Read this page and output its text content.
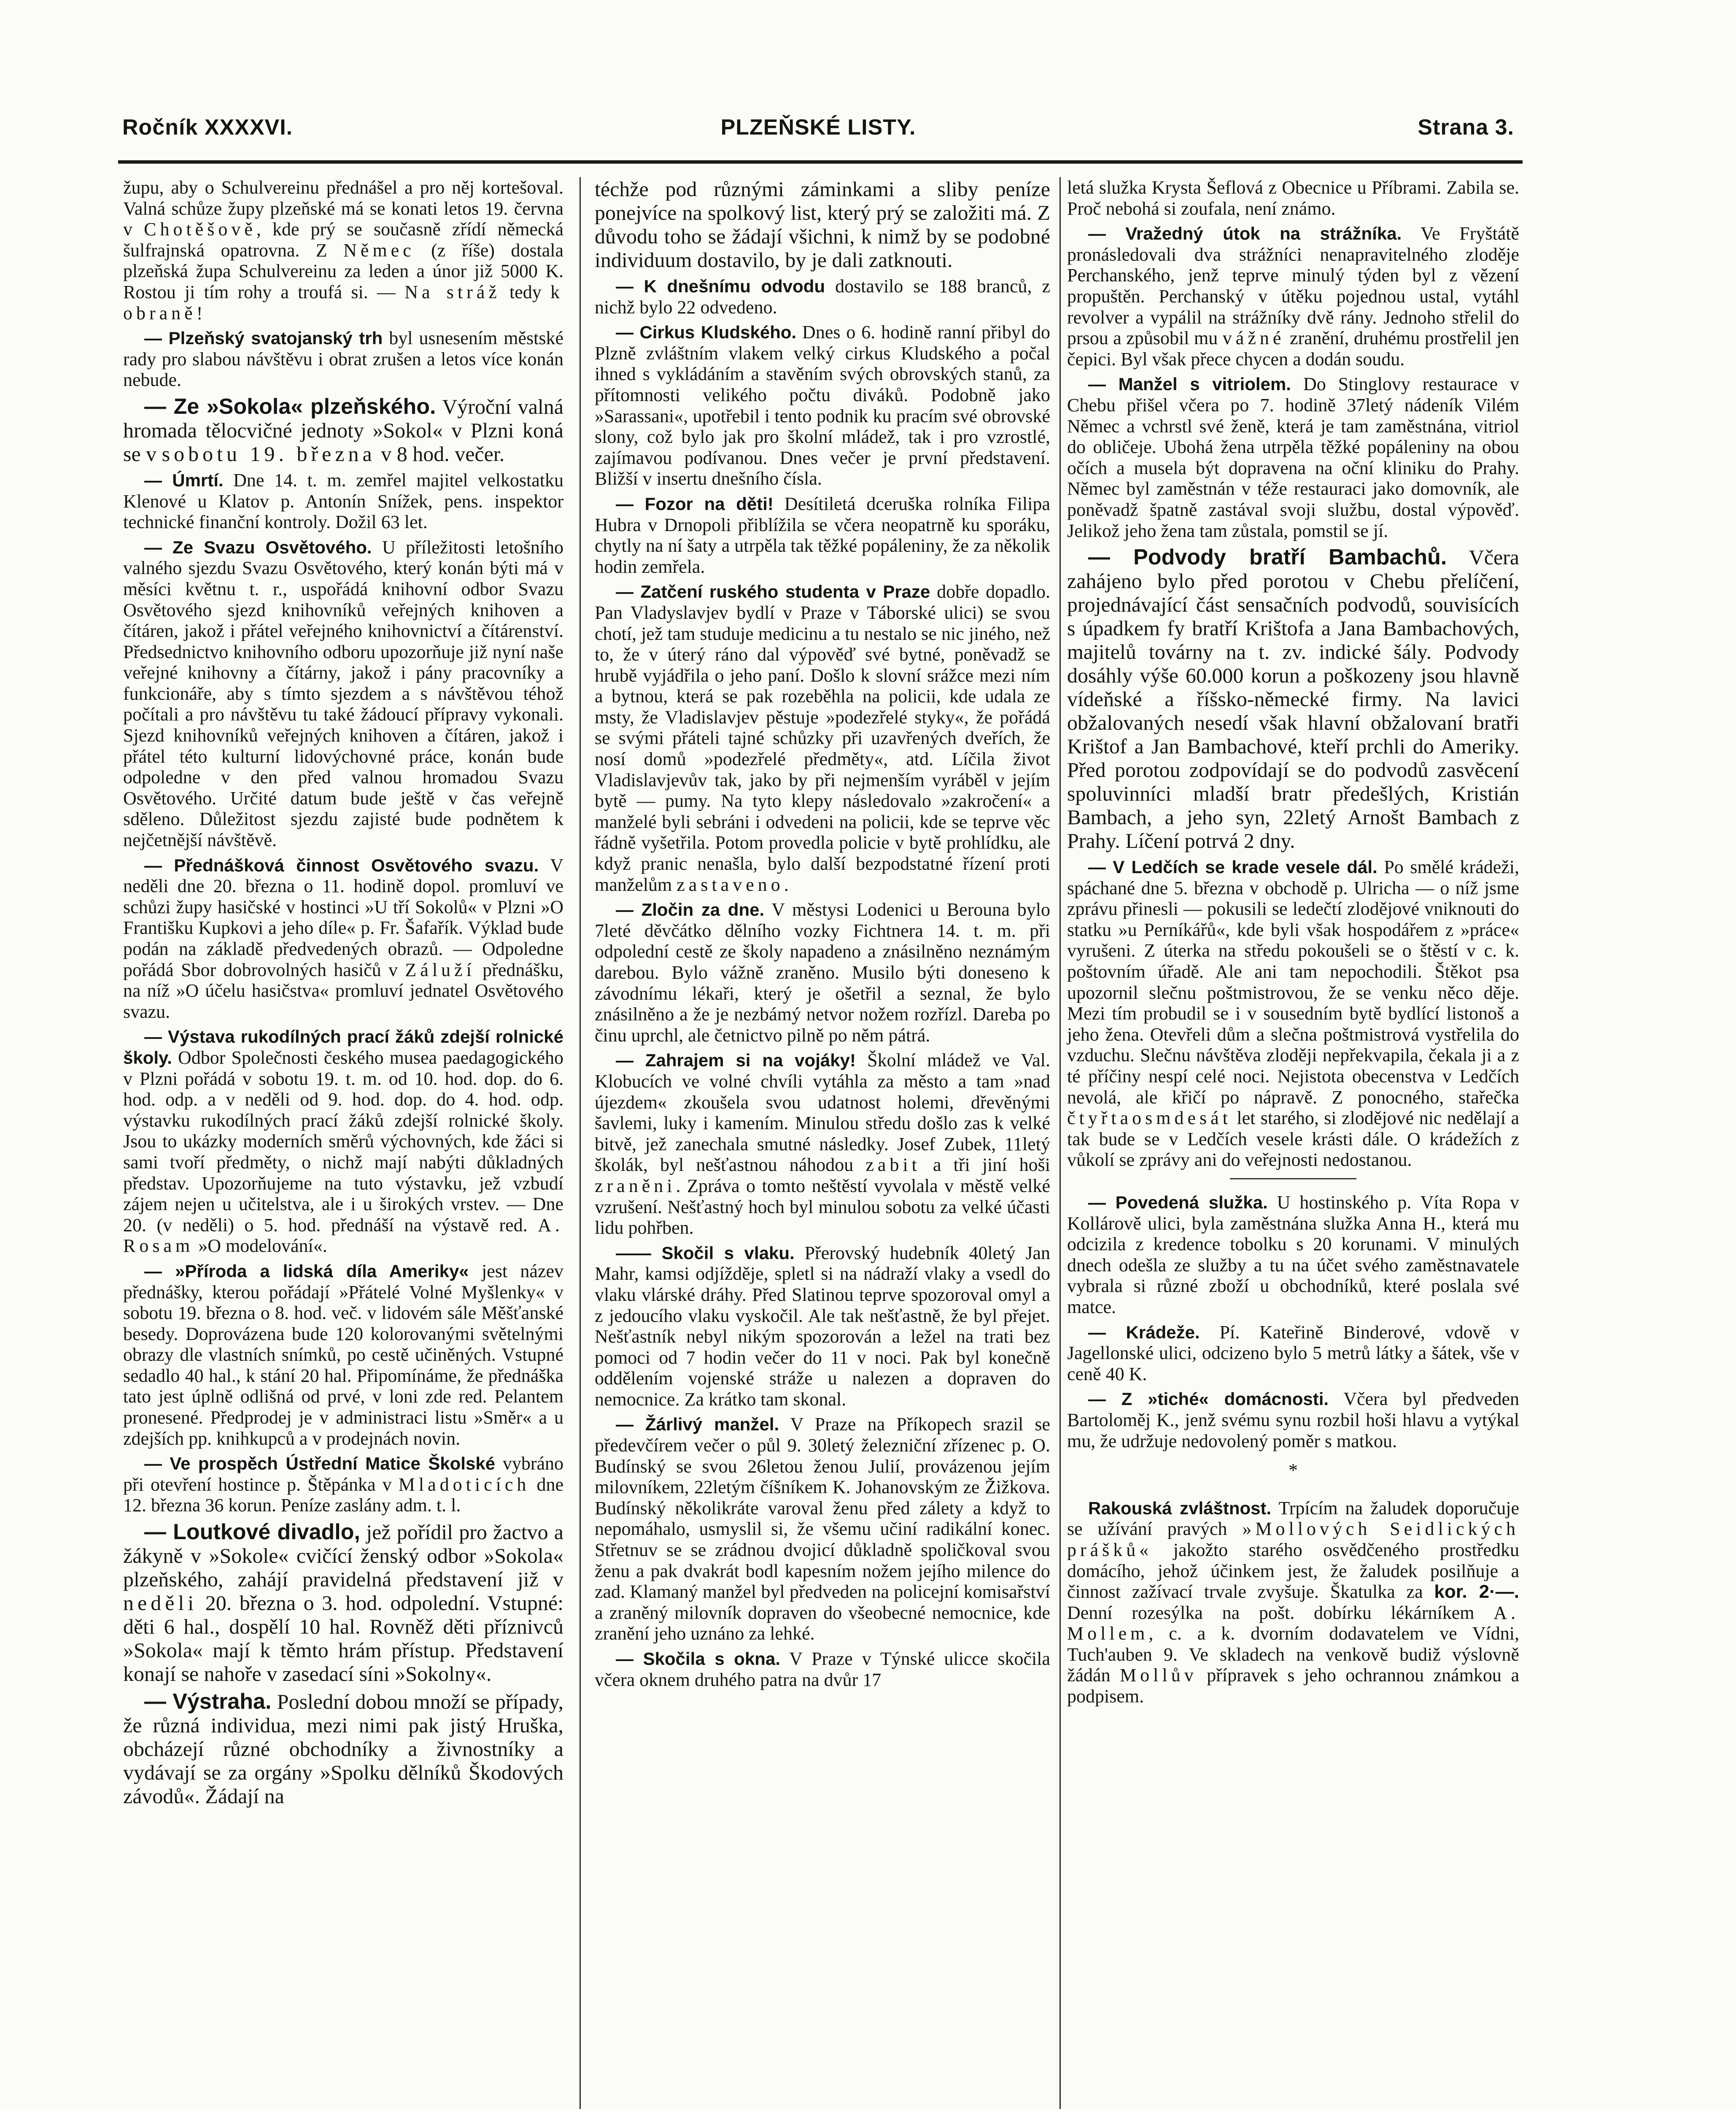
Ročník XXXXVI.	PLZEŇSKÉ LISTY.	Strana 3.

župu, aby o Schulvereinu přednášel a pro něj kortešoval. Valná schůze župy plzeňské má se konati letos 19. června v Chotěšově, kde prý se současně zřídí německá šulfrajnská opatrovna. Z Němec (z říše) dostala plzeňská župa Schulvereinu za leden a únor již 5000 K. Rostou ji tím rohy a troufá si. — Na stráž tedy k obraně!

— Plzeňský svatojanský trh byl usnesením městské rady pro slabou návštěvu i obrat zrušen a letos více konán nebude.

— Ze »Sokola« plzeňského. Výroční valná hromada tělocvičné jednoty »Sokol« v Plzni koná se v sobotu 19. března v 8 hod. večer.

— Úmrtí. Dne 14. t. m. zemřel majitel velkostatku Klenové u Klatov p. Antonín Snížek, pens. inspektor technické finanční kontroly. Dožil 63 let.

— Ze Svazu Osvětového. U příležitosti letošního valného sjezdu Svazu Osvětového, který konán býti má v měsíci květnu t. r., uspořádá knihovní odbor Svazu Osvětového sjezd knihovníků veřejných knihoven a čítáren, jakož i přátel veřejného knihovnictví a čítárenství. Předsednictvo knihovního odboru upozorňuje již nyní naše veřejné knihovny a čítárny, jakož i pány pracovníky a funkcionáře, aby s tímto sjezdem a s návštěvou téhož počítali a pro návštěvu tu také žádoucí přípravy vykonali. Sjezd knihovníků veřejných knihoven a čítáren, jakož i přátel této kulturní lidovýchovné práce, konán bude odpoledne v den před valnou hromadou Svazu Osvětového. Určité datum bude ještě v čas veřejně sděleno. Důležitost sjezdu zajisté bude podnětem k nejčetnější návštěvě.

— Přednášková činnost Osvětového svazu. V neděli dne 20. března o 11. hodině dopol. promluví ve schůzi župy hasičské v hostinci »U tří Sokolů« v Plzni »O Františku Kupkovi a jeho díle« p. Fr. Šafařík. Výklad bude podán na základě předvedených obrazů. — Odpoledne pořádá Sbor dobrovolných hasičů v Záluží přednášku, na níž »O účelu hasičstva« promluví jednatel Osvětového svazu.

— Výstava rukodílných prací žáků zdejší rolnické školy. Odbor Společnosti českého musea paedagogického v Plzni pořádá v sobotu 19. t. m. od 10. hod. dop. do 6. hod. odp. a v neděli od 9. hod. dop. do 4. hod. odp. výstavku rukodílných prací žáků zdejší rolnické školy. Jsou to ukázky moderních směrů výchovných, kde žáci si sami tvoří předměty, o nichž mají nabýti důkladných představ. Upozorňujeme na tuto výstavku, jež vzbudí zájem nejen u učitelstva, ale i u širokých vrstev. — Dne 20. (v neděli) o 5. hod. přednáší na výstavě red. A. Rosam »O modelování«.

— »Příroda a lidská díla Ameriky« jest název přednášky, kterou pořádají »Přátelé Volné Myšlenky« v sobotu 19. března o 8. hod. več. v lidovém sále Měšťanské besedy. Doprovázena bude 120 kolorovanými světelnými obrazy dle vlastních snímků, po cestě učiněných. Vstupné sedadlo 40 hal., k stání 20 hal. Připomínáme, že přednáška tato jest úplně odlišná od prvé, v loni zde red. Pelantem pronesené. Předprodej je v administraci listu »Směr« a u zdejších pp. knihkupců a v prodejnách novin.

— Ve prospěch Ústřední Matice Školské vybráno při otevření hostince p. Štěpánka v Mladoticích dne 12. března 36 korun. Peníze zaslány adm. t. l.

— Loutkové divadlo, jež pořídil pro žactvo a žákyně v »Sokole« cvičící ženský odbor »Sokola« plzeňského, zahájí pravidelná představení již v neděli 20. března o 3. hod. odpolední. Vstupné: děti 6 hal., dospělí 10 hal. Rovněž děti příznivců »Sokola« mají k těmto hrám přístup. Představení konají se nahoře v zasedací síni »Sokolny«.

— Výstraha. Poslední dobou množí se případy, že různá individua, mezi nimi pak jistý Hruška, obcházejí různé obchodníky a živnostníky a vydávají se za orgány »Spolku dělníků Škodových závodů«. Žádají na

téchže pod různými záminkami a sliby peníze ponejvíce na spolkový list, který prý se založiti má. Z důvodu toho se žádají všichni, k nimž by se podobné individuum dostavilo, by je dali zatknouti.

— K dnešnímu odvodu dostavilo se 188 branců, z nichž bylo 22 odvedeno.

— Cirkus Kludského. Dnes o 6. hodině ranní přibyl do Plzně zvláštním vlakem velký cirkus Kludského a počal ihned s vykládáním a stavěním svých obrovských stanů, za přítomnosti velikého počtu diváků. Podobně jako »Sarassani«, upotřebil i tento podnik ku pracím své obrovské slony, což bylo jak pro školní mládež, tak i pro vzrostlé, zajímavou podívanou. Dnes večer je první představení. Bližší v insertu dnešního čísla.

— Fozor na děti! Desítiletá dceruška rolníka Filipa Hubra v Drnopoli přiblížila se včera neopatrně ku sporáku, chytly na ní šaty a utrpěla tak těžké popáleniny, že za několik hodin zemřela.

— Zatčení ruského studenta v Praze dobře dopadlo. Pan Vladyslavjev bydlí v Praze v Táborské ulici) se svou chotí, jež tam studuje medicinu a tu nestalo se nic jiného, než to, že v úterý ráno dal výpověď své bytné, poněvadž se hrubě vyjádřila o jeho paní. Došlo k slovní srážce mezi ním a bytnou, která se pak rozeběhla na policii, kde udala ze msty, že Vladislavjev pěstuje »podezřelé styky«, že pořádá se svými přáteli tajné schůzky při uzavřených dveřích, že nosí domů »podezřelé předměty«, atd. Líčila život Vladislavjevův tak, jako by při nejmenším vyráběl v jejím bytě — pumy. Na tyto klepy následovalo »zakročení« a manželé byli sebráni i odvedeni na policii, kde se teprve věc řádně vyšetřila. Potom provedla policie v bytě prohlídku, ale když pranic nenašla, bylo další bezpodstatné řízení proti manželům zastaveno.

— Zločin za dne. V městysi Lodenici u Berouna bylo 7leté děvčátko dělního vozky Fichtnera 14. t. m. při odpolední cestě ze školy napadeno a znásilněno neznámým darebou. Bylo vážně zraněno. Musilo býti doneseno k závodnímu lékaři, který je ošetřil a seznal, že bylo znásilněno a že je nezbámý netvor nožem rozřízl. Dareba po činu uprchl, ale četnictvo pilně po něm pátrá.

— Zahrajem si na vojáky! Školní mládež ve Val. Klobucích ve volné chvíli vytáhla za město a tam »nad újezdem« zkoušela svou udatnost holemi, dřevěnými šavlemi, luky i kamením. Minulou středu došlo zas k velké bitvě, jež zanechala smutné následky. Josef Zubek, 11letý školák, byl nešťastnou náhodou zabit a tři jiní hoši zraněni. Zpráva o tomto neštěstí vyvolala v městě velké vzrušení. Nešťastný hoch byl minulou sobotu za velké účasti lidu pohřben.

—— Skočil s vlaku. Přerovský hudebník 40letý Jan Mahr, kamsi odjížděje, spletl si na nádraží vlaky a vsedl do vlaku vlárské dráhy. Před Slatinou teprve spozoroval omyl a z jedoucího vlaku vyskočil. Ale tak nešťastně, že byl přejet. Nešťastník nebyl nikým spozorován a ležel na trati bez pomoci od 7 hodin večer do 11 v noci. Pak byl konečně oddělením vojenské stráže u nalezen a dopraven do nemocnice. Za krátko tam skonal.

— Žárlivý manžel. V Praze na Příkopech srazil se předevčírem večer o půl 9. 30letý železniční zřízenec p. O. Budínský se svou 26letou ženou Julií, provázenou jejím milovníkem, 22letým číšníkem K. Johanovským ze Žižkova. Budínský několikráte varoval ženu před zálety a když to nepomáhalo, usmyslil si, že všemu učiní radikální konec. Střetnuv se se zrádnou dvojicí důkladně spoličkoval svou ženu a pak dvakrát bodl kapesním nožem jejího milence do zad. Klamaný manžel byl předveden na policejní komisařství a zraněný milovník dopraven do všeobecné nemocnice, kde zranění jeho uznáno za lehké.

— Skočila s okna. V Praze v Týnské ulicce skočila včera oknem druhého patra na dvůr 17

letá služka Krysta Šeflová z Obecnice u Příbrami. Zabila se. Proč nebohá si zoufala, není známo.

— Vražedný útok na strážníka. Ve Fryštátě pronásledovali dva strážníci nenapravitelného zloděje Perchanského, jenž teprve minulý týden byl z vězení propuštěn. Perchanský v útěku pojednou ustal, vytáhl revolver a vypálil na strážníky dvě rány. Jednoho střelil do prsou a způsobil mu vážné zranění, druhému prostřelil jen čepici. Byl však přece chycen a dodán soudu.

— Manžel s vitriolem. Do Stinglovy restaurace v Chebu přišel včera po 7. hodině 37letý nádeník Vilém Němec a vchrstl své ženě, která je tam zaměstnána, vitriol do obličeje. Ubohá žena utrpěla těžké popáleniny na obou očích a musela být dopravena na oční kliniku do Prahy. Němec byl zaměstnán v téže restauraci jako domovník, ale poněvadž špatně zastával svoji službu, dostal výpověď. Jelikož jeho žena tam zůstala, pomstil se jí.

— Podvody bratří Bambachů. Včera zahájeno bylo před porotou v Chebu přelíčení, projednávající část sensačních podvodů, souvisících s úpadkem fy bratří Krištofa a Jana Bambachových, majitelů továrny na t. zv. indické šály. Podvody dosáhly výše 60.000 korun a poškozeny jsou hlavně vídeňské a říšsko-německé firmy. Na lavici obžalovaných nesedí však hlavní obžalovaní bratři Krištof a Jan Bambachové, kteří prchli do Ameriky. Před porotou zodpovídají se do podvodů zasvěcení spoluvinníci mladší bratr předešlých, Kristián Bambach, a jeho syn, 22letý Arnošt Bambach z Prahy. Líčení potrvá 2 dny.

— V Ledčích se krade vesele dál. Po smělé krádeži, spáchané dne 5. března v obchodě p. Ulricha — o níž jsme zprávu přinesli — pokusili se ledečtí zlodějové vniknouti do statku »u Perníkářů«, kde byli však hospodářem z »práce« vyrušeni. Z úterka na středu pokoušeli se o štěstí v c. k. poštovním úřadě. Ale ani tam nepochodili. Štěkot psa upozornil slečnu poštmistrovou, že se venku něco děje. Mezi tím probudil se i v sousedním bytě bydlící listonoš a jeho žena. Otevřeli dům a slečna poštmistrová vystřelila do vzduchu. Slečnu návštěva zloději nepřekvapila, čekala ji a z té příčiny nespí celé noci. Nejistota obecenstva v Ledčích nevolá, ale křičí po nápravě. Z ponocného, stařečka čtyřtaosmdesát let starého, si zlodějové nic nedělají a tak bude se v Ledčích vesele krásti dále. O krádežích z vůkolí se zprávy ani do veřejnosti nedostanou.

— Povedená služka. U hostinského p. Víta Ropa v Kollárově ulici, byla zaměstnána služka Anna H., která mu odcizila z kredence tobolku s 20 korunami. V minulých dnech odešla ze služby a tu na účet svého zaměstnavatele vybrala si různé zboží u obchodníků, které poslala své matce.

— Krádeže. Pí. Kateřině Binderové, vdově v Jagellonské ulici, odcizeno bylo 5 metrů látky a šátek, vše v ceně 40 K.

— Z »tiché« domácnosti. Včera byl předveden Bartoloměj K., jenž svému synu rozbil hoši hlavu a vytýkal mu, že udržuje nedovolený poměr s matkou.

*

Rakouská zvláštnost. Trpícím na žaludek doporučuje se užívání pravých »Mollových Seidlických prášků« jakožto starého osvědčeného prostředku domácího, jehož účinkem jest, že žaludek posilňuje a činnost zažívací trvale zvyšuje. Škatulka za kor. 2·—. Denní rozesýlka na pošt. dobírku lékárníkem A. Mollem, c. a k. dvorním dodavatelem ve Vídni, Tuch'auben 9. Ve skladech na venkově budiž výslovně žádán Mollův přípravek s jeho ochrannou známkou a podpisem.
